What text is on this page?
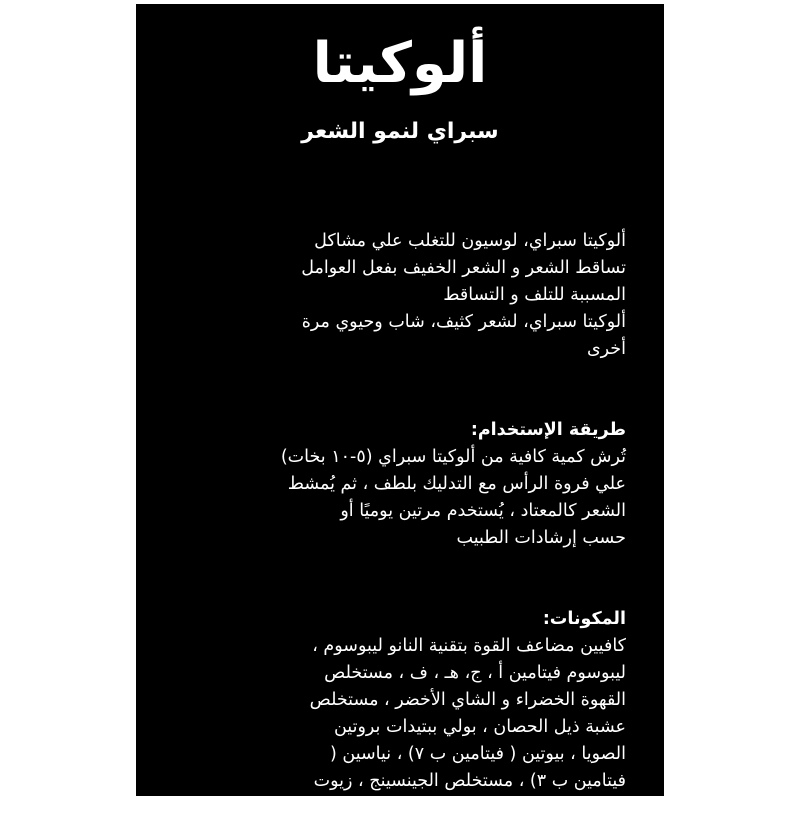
ألوكيتا
سبراي لنمو الشعر

ألوكيتا سبراي، لوسيون للتغلب علي مشاكل

تساقط الشعر و الشعر الخفيف بفعل العوامل

المسببة للتلف و التساقط

ألوكيتا سبراي، لشعر كثيف، شاب وحيوي مرة

أخرى

طريقة الإستخدام:

تُرش كمية كافية من ألوكيتا سبراي (٥-١٠ بخات)

علي فروة الرأس مع التدليك بلطف ، ثم يُمشط

الشعر كالمعتاد ، يُستخدم مرتين يوميًا أو

حسب إرشادات الطبيب

المكونات:

كافيين مضاعف القوة بتقنية النانو ليبوسوم ،

ليبوسوم فيتامين أ ، ج، هـ ، ف ، مستخلص

القهوة الخضراء و الشاي الأخضر ، مستخلص

عشبة ذيل الحصان ، بولي ببتيدات بروتين

الصويا ، بيوتين ( فيتامين ب ٧) ، نياسين (

فيتامين ب ٣) ، مستخلص الجينسينج ، زيوت

الأوميجا ٣ ، ٦ ، ٩
